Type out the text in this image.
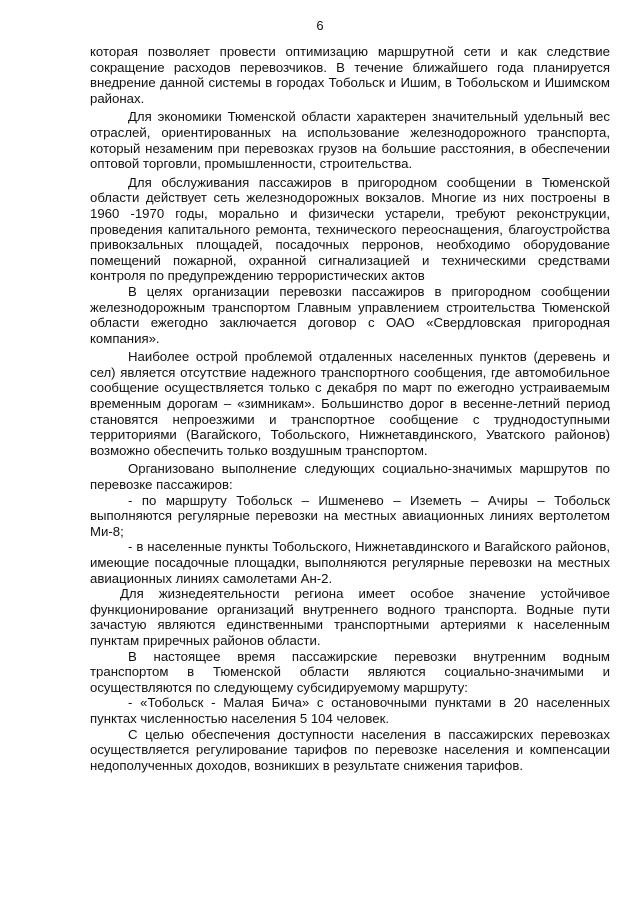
6

которая позволяет провести оптимизацию маршрутной сети и как следствие сокращение расходов перевозчиков. В течение ближайшего года планируется внедрение данной системы в городах Тобольск и Ишим, в Тобольском и Ишимском районах.

Для экономики Тюменской области характерен значительный удельный вес отраслей, ориентированных на использование железнодорожного транспорта, который незаменим при перевозках грузов на большие расстояния, в обеспечении оптовой торговли, промышленности, строительства.

Для обслуживания пассажиров в пригородном сообщении в Тюменской области действует сеть железнодорожных вокзалов. Многие из них построены в 1960 -1970 годы, морально и физически устарели, требуют реконструкции, проведения капитального ремонта, технического переоснащения, благоустройства привокзальных площадей, посадочных перронов, необходимо оборудование помещений пожарной, охранной сигнализацией и техническими средствами контроля по предупреждению террористических актов

В целях организации перевозки пассажиров в пригородном сообщении железнодорожным транспортом Главным управлением строительства Тюменской области ежегодно заключается договор с ОАО «Свердловская пригородная компания».

Наиболее острой проблемой отдаленных населенных пунктов (деревень и сел) является отсутствие надежного транспортного сообщения, где автомобильное сообщение осуществляется только с декабря по март по ежегодно устраиваемым временным дорогам – «зимникам». Большинство дорог в весенне-летний период становятся непроезжими и транспортное сообщение с труднодоступными территориями (Вагайского, Тобольского, Нижнетавдинского, Уватского районов) возможно обеспечить только воздушным транспортом.

Организовано выполнение следующих социально-значимых маршрутов по перевозке пассажиров:

- по маршруту Тобольск – Ишменево – Иземеть – Ачиры – Тобольск выполняются регулярные перевозки на местных авиационных линиях вертолетом Ми-8;

- в населенные пункты Тобольского, Нижнетавдинского и Вагайского районов, имеющие посадочные площадки, выполняются регулярные перевозки на местных авиационных линиях самолетами Ан-2.

Для жизнедеятельности региона имеет особое значение устойчивое функционирование организаций внутреннего водного транспорта. Водные пути зачастую являются единственными транспортными артериями к населенным пунктам приречных районов области.

В настоящее время пассажирские перевозки внутренним водным транспортом в Тюменской области являются социально-значимыми и осуществляются по следующему субсидируемому маршруту:

- «Тобольск - Малая Бича» с остановочными пунктами в 20 населенных пунктах численностью населения 5 104 человек.

С целью обеспечения доступности населения в пассажирских перевозках осуществляется регулирование тарифов по перевозке населения и компенсации недополученных доходов, возникших в результате снижения тарифов.
